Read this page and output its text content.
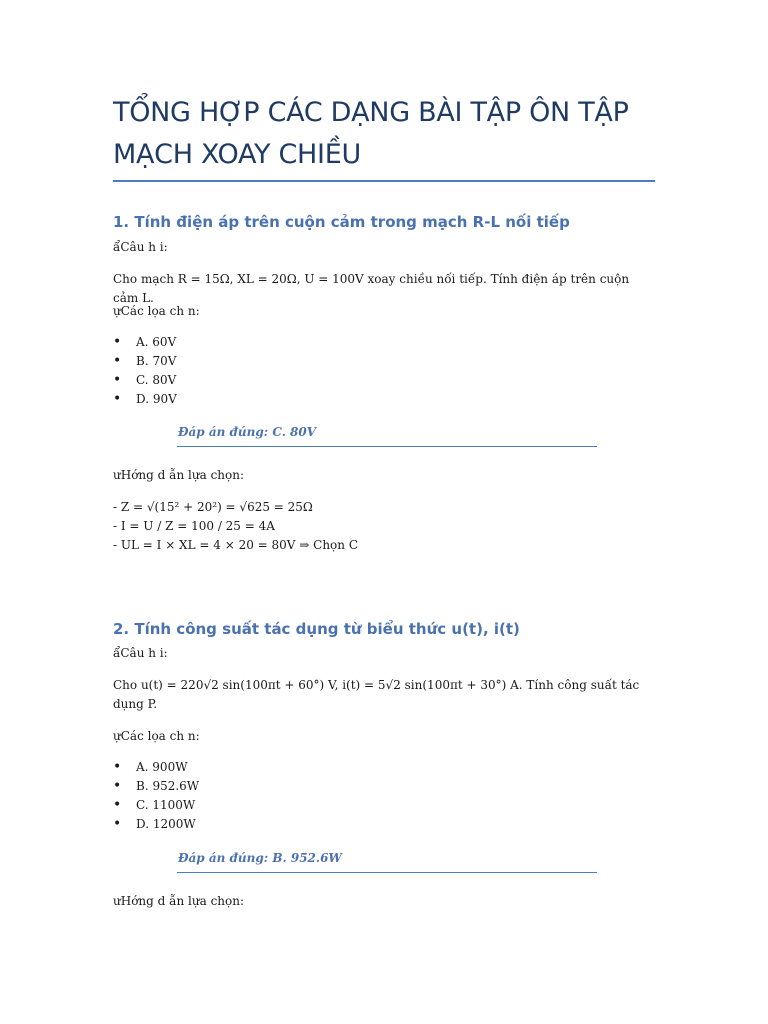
TỔNG HỢP CÁC DẠNG BÀI TẬP ÔN TẬP MẠCH XOAY CHIỀU
1. Tính điện áp trên cuộn cảm trong mạch R-L nối tiếp
ẩCâu h i:
Cho mạch R = 15Ω, XL = 20Ω, U = 100V xoay chiều nối tiếp. Tính điện áp trên cuộn cảm L.
ựCác lọa ch n:
• A. 60V
• B. 70V
• C. 80V
• D. 90V
Đáp án đúng: C. 80V
ưHớng d ẫn lựa chọn:
- Z = √(15² + 20²) = √625 = 25Ω
- I = U / Z = 100 / 25 = 4A
- UL = I × XL = 4 × 20 = 80V ⇒ Chọn C
2. Tính công suất tác dụng từ biểu thức u(t), i(t)
ẩCâu h i:
Cho u(t) = 220√2 sin(100πt + 60°) V, i(t) = 5√2 sin(100πt + 30°) A. Tính công suất tác dụng P.
ựCác lọa ch n:
• A. 900W
• B. 952.6W
• C. 1100W
• D. 1200W
Đáp án đúng: B. 952.6W
ưHớng d ẫn lựa chọn:
